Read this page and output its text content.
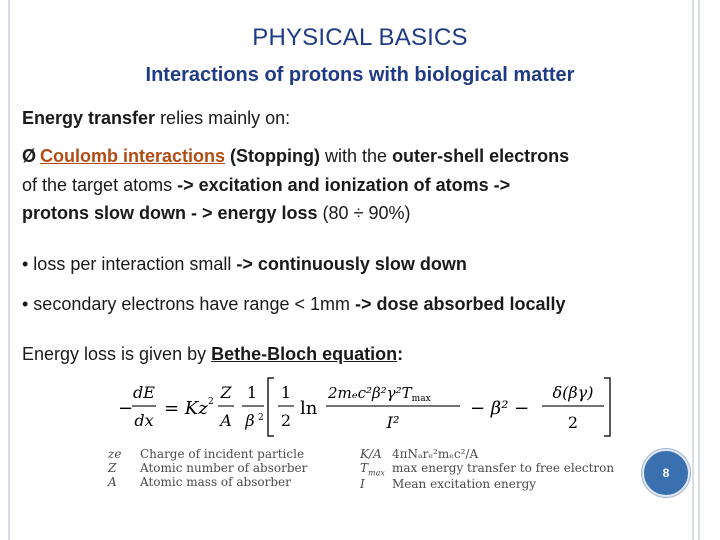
PHYSICAL BASICS
Interactions of protons with biological matter
Energy transfer relies mainly on:
Ø Coulomb interactions (Stopping) with the outer-shell electrons
of the target atoms -> excitation and ionization of atoms ->
protons slow down - > energy loss (80 ÷ 90%)
• loss per interaction small -> continuously slow down
• secondary electrons have range < 1mm -> dose absorbed locally
Energy loss is given by Bethe-Bloch equation:
−
dE
dx
= Kz 2 Z
A
1
β 2
1
2
ln
$2m_ec^2\beta^2\gamma^2T_{max}$
I²
− β² −
δ(βγ)
2
ze Charge of incident particle
Z Atomic number of absorber
A Atomic mass of absorber
K/A 4πNₐrₑ²mₑc²/A
$T_{max}$ max energy transfer to free electron
I Mean excitation energy
8
